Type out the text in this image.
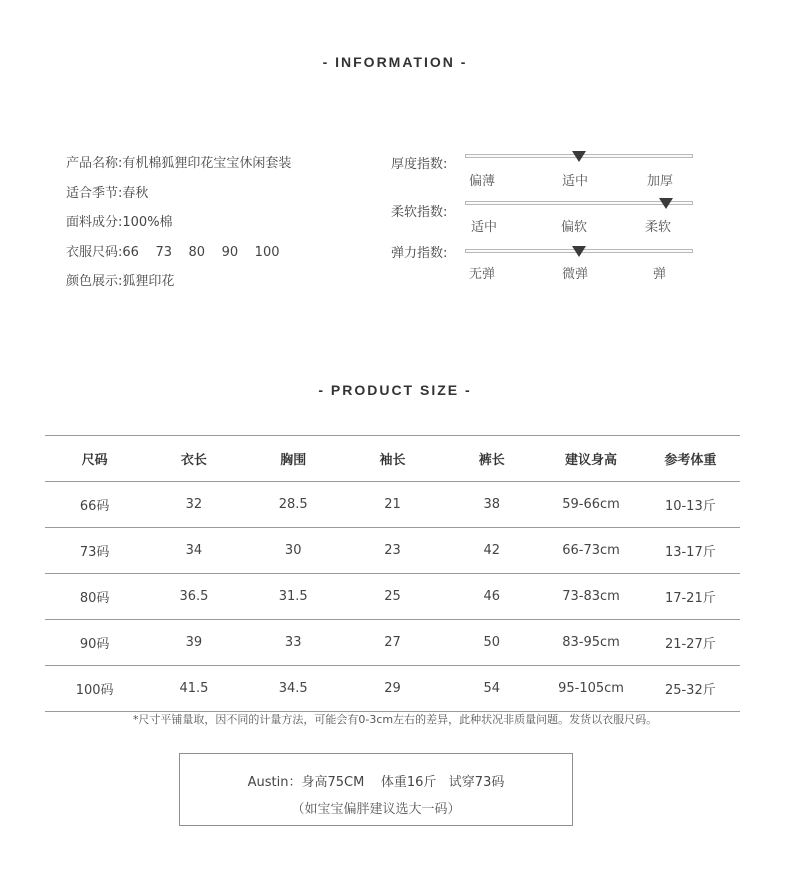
- INFORMATION -
产品名称:有机棉狐狸印花宝宝休闲套装
适合季节:春秋
面料成分:100%棉
衣服尺码:66    73    80    90    100
颜色展示:狐狸印花
厚度指数:
偏薄	适中	加厚
柔软指数:
适中	偏软	柔软
弹力指数:
无弹	微弹	弹
- PRODUCT SIZE -
尺码	衣长	胸围	袖长	裤长	建议身高	参考体重
66码	32	28.5	21	38	59-66cm	10-13斤
73码	34	30	23	42	66-73cm	13-17斤
80码	36.5	31.5	25	46	73-83cm	17-21斤
90码	39	33	27	50	83-95cm	21-27斤
100码	41.5	34.5	29	54	95-105cm	25-32斤
*尺寸平铺量取，因不同的计量方法，可能会有0-3cm左右的差异，此种状况非质量问题。发货以衣服尺码。
Austin：身高75CM    体重16斤   试穿73码
（如宝宝偏胖建议选大一码）
